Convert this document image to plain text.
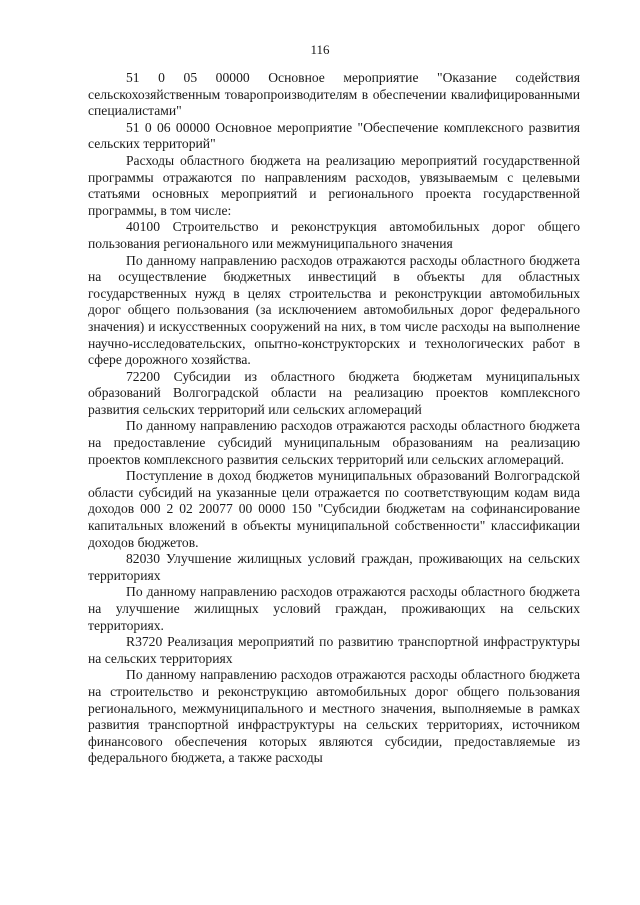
116

51 0 05 00000 Основное мероприятие "Оказание содействия сельскохозяйственным товаропроизводителям в обеспечении квалифицированными специалистами"

51 0 06 00000 Основное мероприятие "Обеспечение комплексного развития сельских территорий"

Расходы областного бюджета на реализацию мероприятий государственной программы отражаются по направлениям расходов, увязываемым с целевыми статьями основных мероприятий и регионального проекта государственной программы, в том числе:

40100 Строительство и реконструкция автомобильных дорог общего пользования регионального или межмуниципального значения

По данному направлению расходов отражаются расходы областного бюджета на осуществление бюджетных инвестиций в объекты для областных государственных нужд в целях строительства и реконструкции автомобильных дорог общего пользования (за исключением автомобильных дорог федерального значения) и искусственных сооружений на них, в том числе расходы на выполнение научно-исследовательских, опытно-конструкторских и технологических работ в сфере дорожного хозяйства.

72200 Субсидии из областного бюджета бюджетам муниципальных образований Волгоградской области на реализацию проектов комплексного развития сельских территорий или сельских агломераций

По данному направлению расходов отражаются расходы областного бюджета на предоставление субсидий муниципальным образованиям на реализацию проектов комплексного развития сельских территорий или сельских агломераций.

Поступление в доход бюджетов муниципальных образований Волгоградской области субсидий на указанные цели отражается по соответствующим кодам вида доходов 000 2 02 20077 00 0000 150 "Субсидии бюджетам на софинансирование капитальных вложений в объекты муниципальной собственности" классификации доходов бюджетов.

82030 Улучшение жилищных условий граждан, проживающих на сельских территориях

По данному направлению расходов отражаются расходы областного бюджета на улучшение жилищных условий граждан, проживающих на сельских территориях.

R3720 Реализация мероприятий по развитию транспортной инфраструктуры на сельских территориях

По данному направлению расходов отражаются расходы областного бюджета на строительство и реконструкцию автомобильных дорог общего пользования регионального, межмуниципального и местного значения, выполняемые в рамках развития транспортной инфраструктуры на сельских территориях, источником финансового обеспечения которых являются субсидии, предоставляемые из федерального бюджета, а также расходы
